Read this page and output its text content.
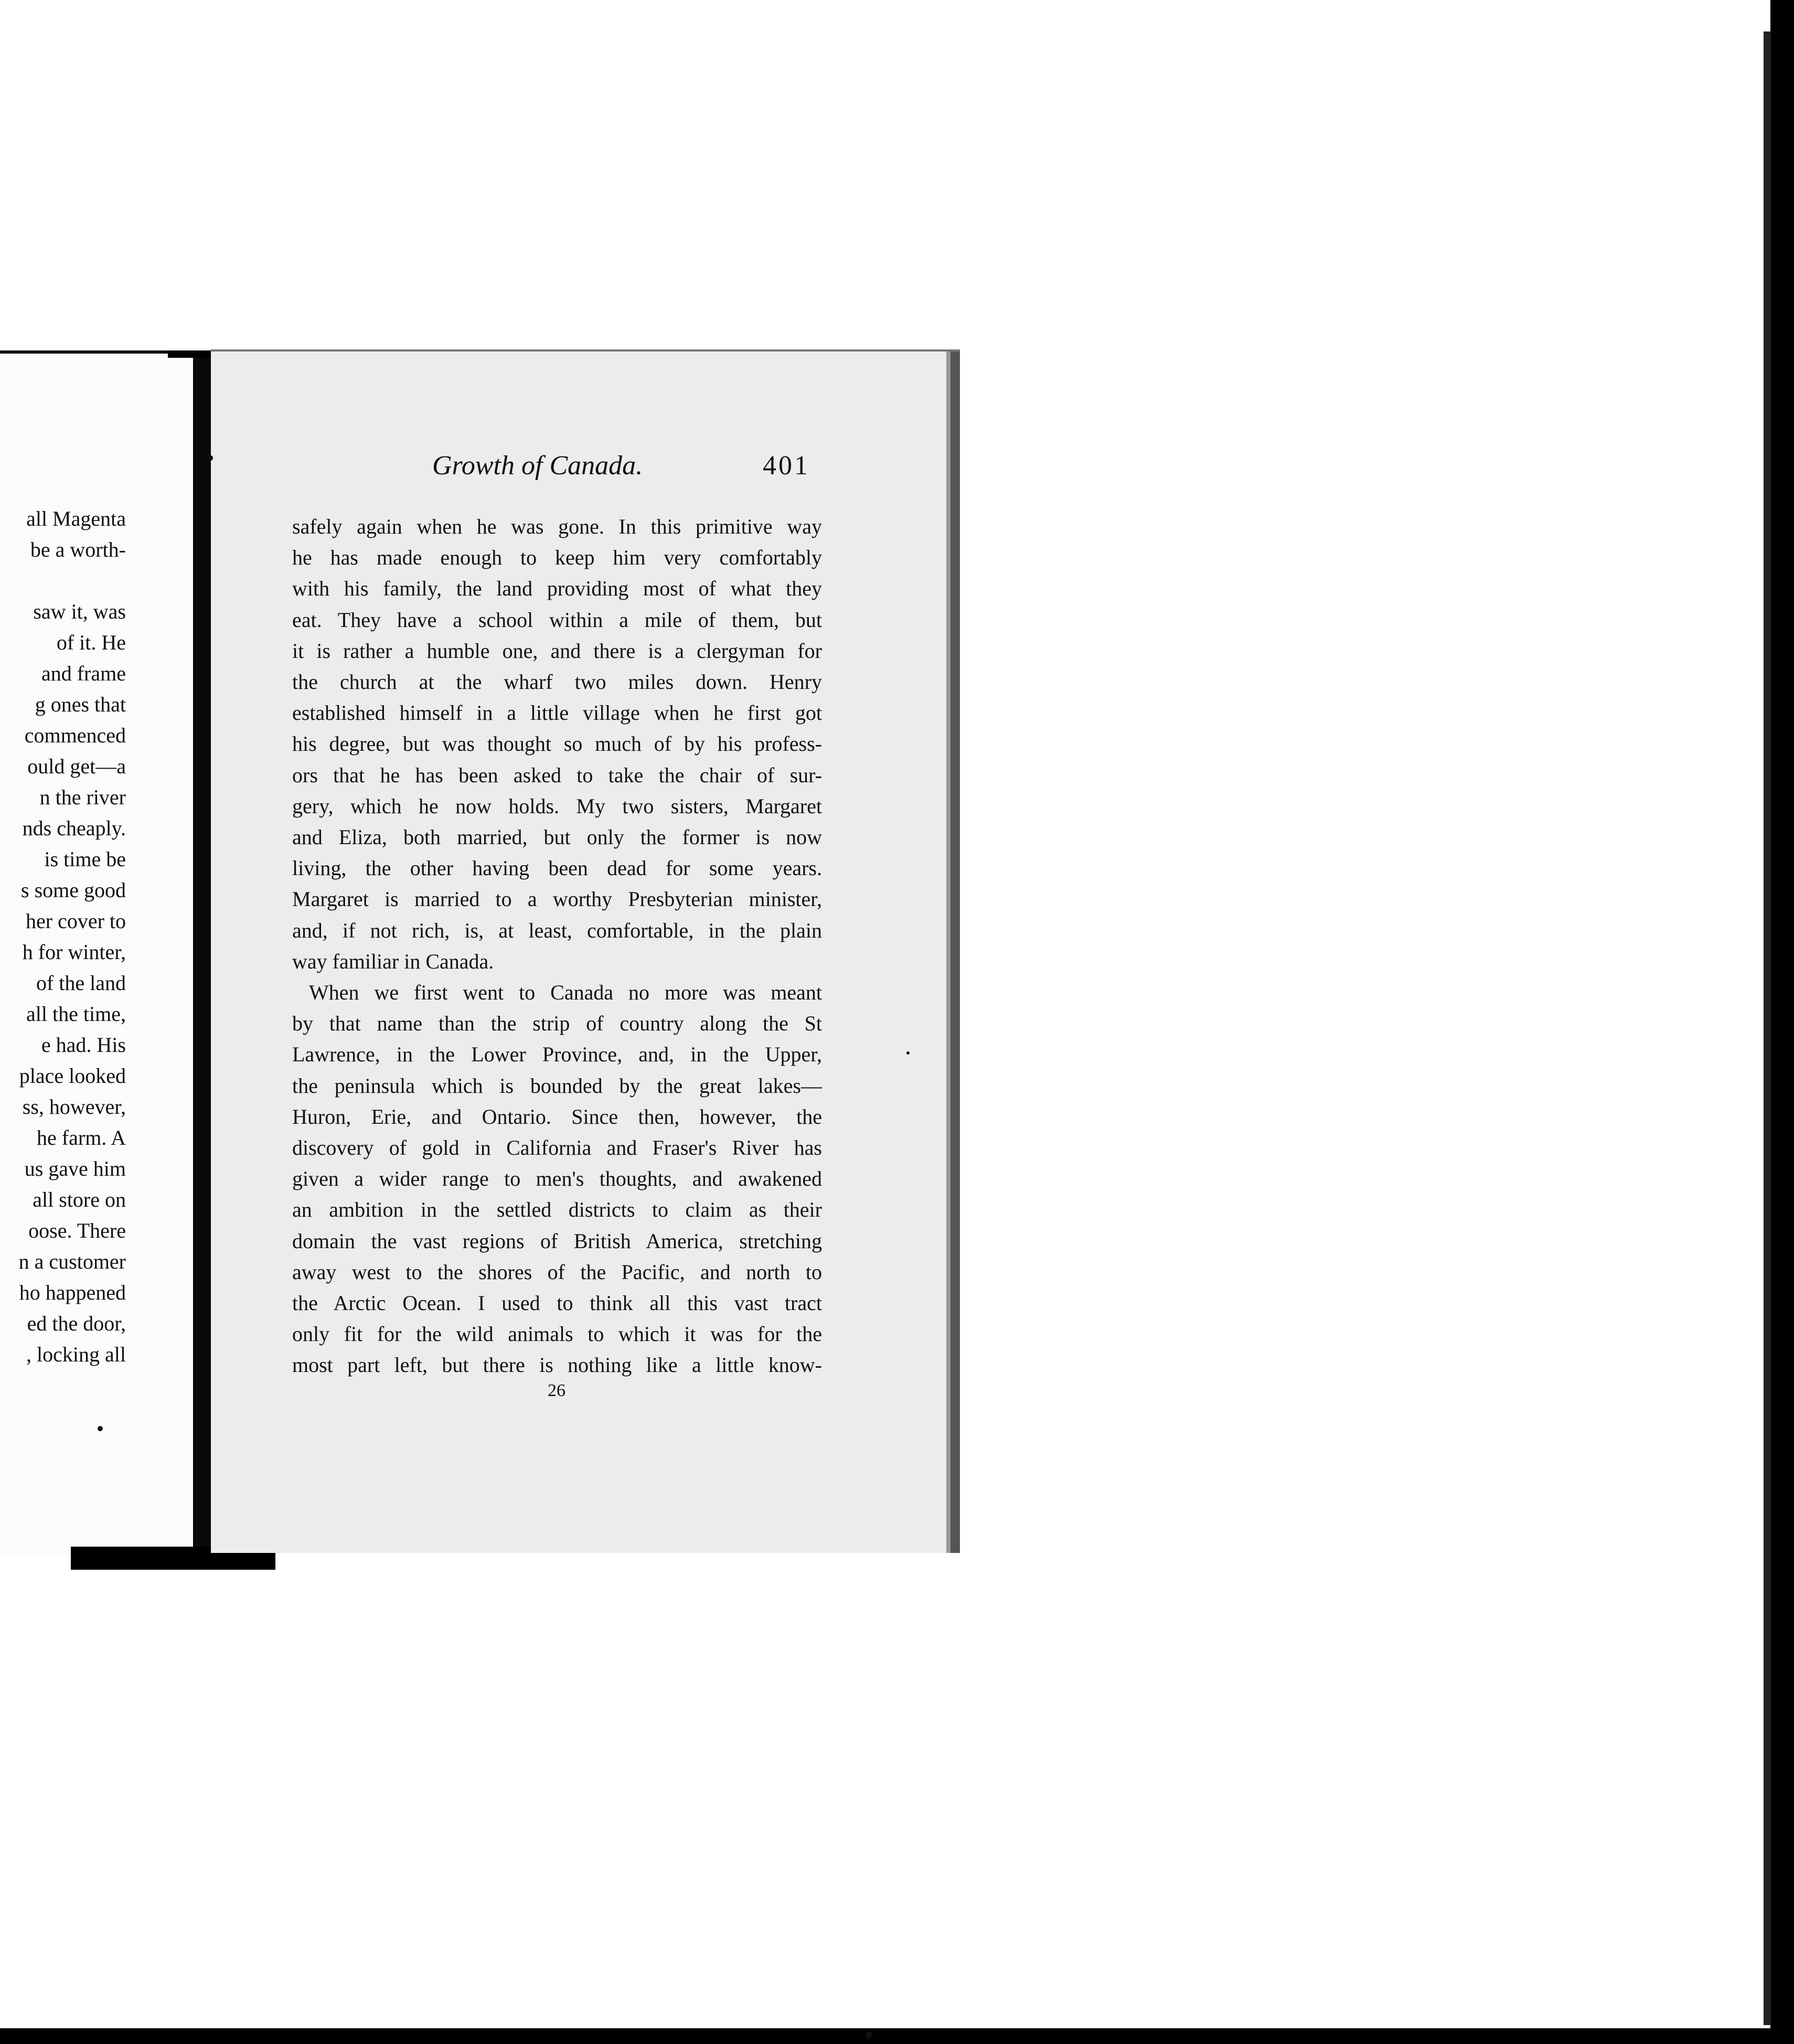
all Magenta
be a worth-
saw it, was
of it. He
and frame
g ones that
commenced
ould get—a
n the river
nds cheaply.
is time be
s some good
her cover to
h for winter,
of the land
all the time,
e had. His
place looked
ss, however,
he farm. A
us gave him
all store on
oose. There
n a customer
ho happened
ed the door,
, locking all
Growth of Canada.	401
safely again when he was gone. In this primitive way
he has made enough to keep him very comfortably
with his family, the land providing most of what they
eat. They have a school within a mile of them, but
it is rather a humble one, and there is a clergyman for
the church at the wharf two miles down. Henry
established himself in a little village when he first got
his degree, but was thought so much of by his profess-
ors that he has been asked to take the chair of sur-
gery, which he now holds. My two sisters, Margaret
and Eliza, both married, but only the former is now
living, the other having been dead for some years.
Margaret is married to a worthy Presbyterian minister,
and, if not rich, is, at least, comfortable, in the plain
way familiar in Canada.
When we first went to Canada no more was meant
by that name than the strip of country along the St
Lawrence, in the Lower Province, and, in the Upper,
the peninsula which is bounded by the great lakes—
Huron, Erie, and Ontario. Since then, however, the
discovery of gold in California and Fraser's River has
given a wider range to men's thoughts, and awakened
an ambition in the settled districts to claim as their
domain the vast regions of British America, stretching
away west to the shores of the Pacific, and north to
the Arctic Ocean. I used to think all this vast tract
only fit for the wild animals to which it was for the
most part left, but there is nothing like a little know-
26
